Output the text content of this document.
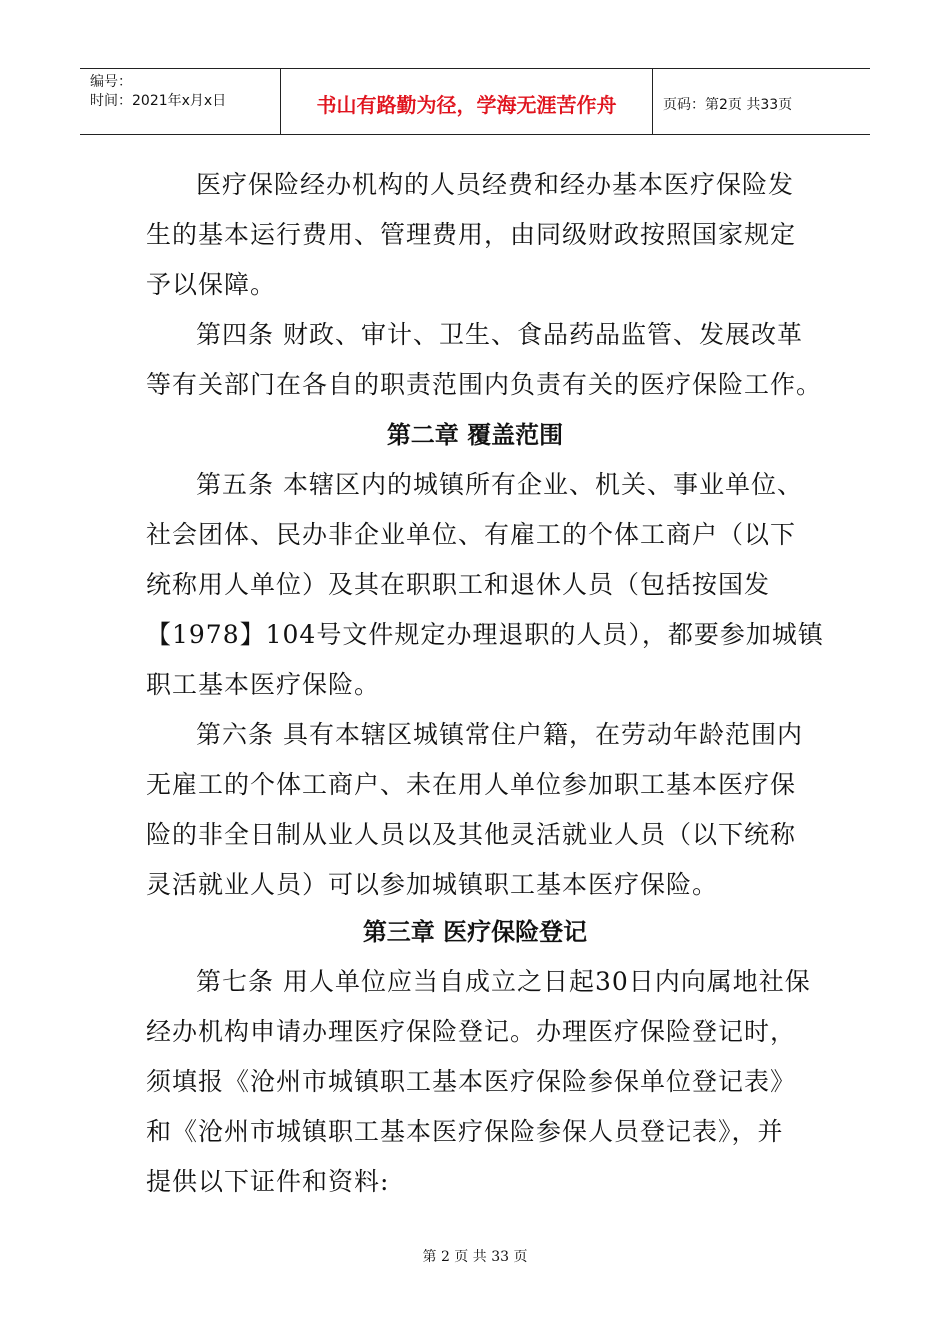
编号：
时间：2021年x月x日	书山有路勤为径，学海无涯苦作舟	页码：第2页 共33页

医疗保险经办机构的人员经费和经办基本医疗保险发
生的基本运行费用、管理费用，由同级财政按照国家规定
予以保障。

第四条 财政、审计、卫生、食品药品监管、发展改革
等有关部门在各自的职责范围内负责有关的医疗保险工作。

第二章 覆盖范围

第五条 本辖区内的城镇所有企业、机关、事业单位、
社会团体、民办非企业单位、有雇工的个体工商户（以下
统称用人单位）及其在职职工和退休人员（包括按国发
【1978】104号文件规定办理退职的人员），都要参加城镇
职工基本医疗保险。

第六条 具有本辖区城镇常住户籍，在劳动年龄范围内
无雇工的个体工商户、未在用人单位参加职工基本医疗保
险的非全日制从业人员以及其他灵活就业人员（以下统称
灵活就业人员）可以参加城镇职工基本医疗保险。

第三章 医疗保险登记

第七条 用人单位应当自成立之日起30日内向属地社保
经办机构申请办理医疗保险登记。办理医疗保险登记时，
须填报《沧州市城镇职工基本医疗保险参保单位登记表》
和《沧州市城镇职工基本医疗保险参保人员登记表》，并
提供以下证件和资料:

第 2 页 共 33 页
